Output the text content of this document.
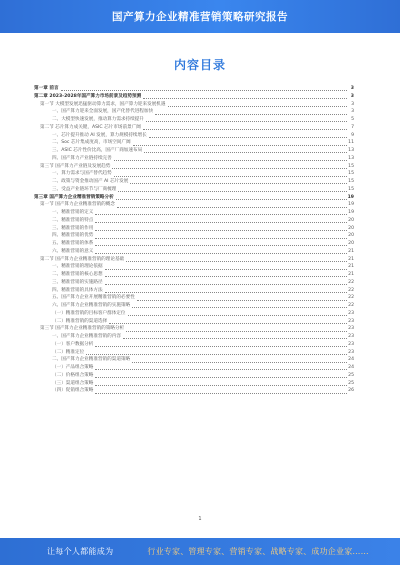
国产算力企业精准营销策略研究报告
内容目录
第一章 前言	3
第二章 2023-2028年国产算力市场前景及趋势预测	3
第一节 大模型发展迅猛驱动算力需求，国产算力迎来发展机遇	3
一、国产算力迎来全面发展，国产化替代进程加快	3
二、大模型快速发展，推动算力需求持续提升	5
第二节 芯片算力成关键，ASIC 芯片市场前景广阔	7
一、芯片提升推动 AI 发展，算力规模持续增长	9
二、Soc 芯片集成度高，市场空间广阔	11
三、ASIC 芯片性价比高，国产厂商加速布局	13
四、国产算力产业链持续完善	13
第三节 国产算力产业链及发展趋势	15
一、算力需求与国产替代趋势	15
二、政策与资金推动国产 AI 芯片发展	15
三、受益产业链环节与厂商梳理	15
第三章 国产算力企业精准营销策略分析	19
第一节 国产算力企业精准营销的概念	19
一、精准营销的定义	19
二、精准营销的特点	20
三、精准营销的作用	20
四、精准营销的优势	20
五、精准营销的体系	20
六、精准营销的意义	21
第二节 国产算力企业精准营销的理论基础	21
一、精准营销的理论依据	21
二、精准营销的核心思想	21
三、精准营销的实施路径	22
四、精准营销的具体方法	22
五、国产算力企业开展精准营销的必要性	22
六、国产算力企业精准营销的实施策略	22
（一）精准营销的目标客户群体定位	23
（二）精准营销的渠道选择	23
第三节 国产算力企业精准营销的策略分析	23
一、国产算力企业精准营销的内容	23
（一）客户数据分析	23
（二）精准定位	23
二、国产算力企业精准营销的渠道策略	24
（一）产品组合策略	24
（二）价格组合策略	25
（三）渠道组合策略	25
（四）促销组合策略	26
1
让每个人都能成为	行业专家、管理专家、营销专家、战略专家、成功企业家……
